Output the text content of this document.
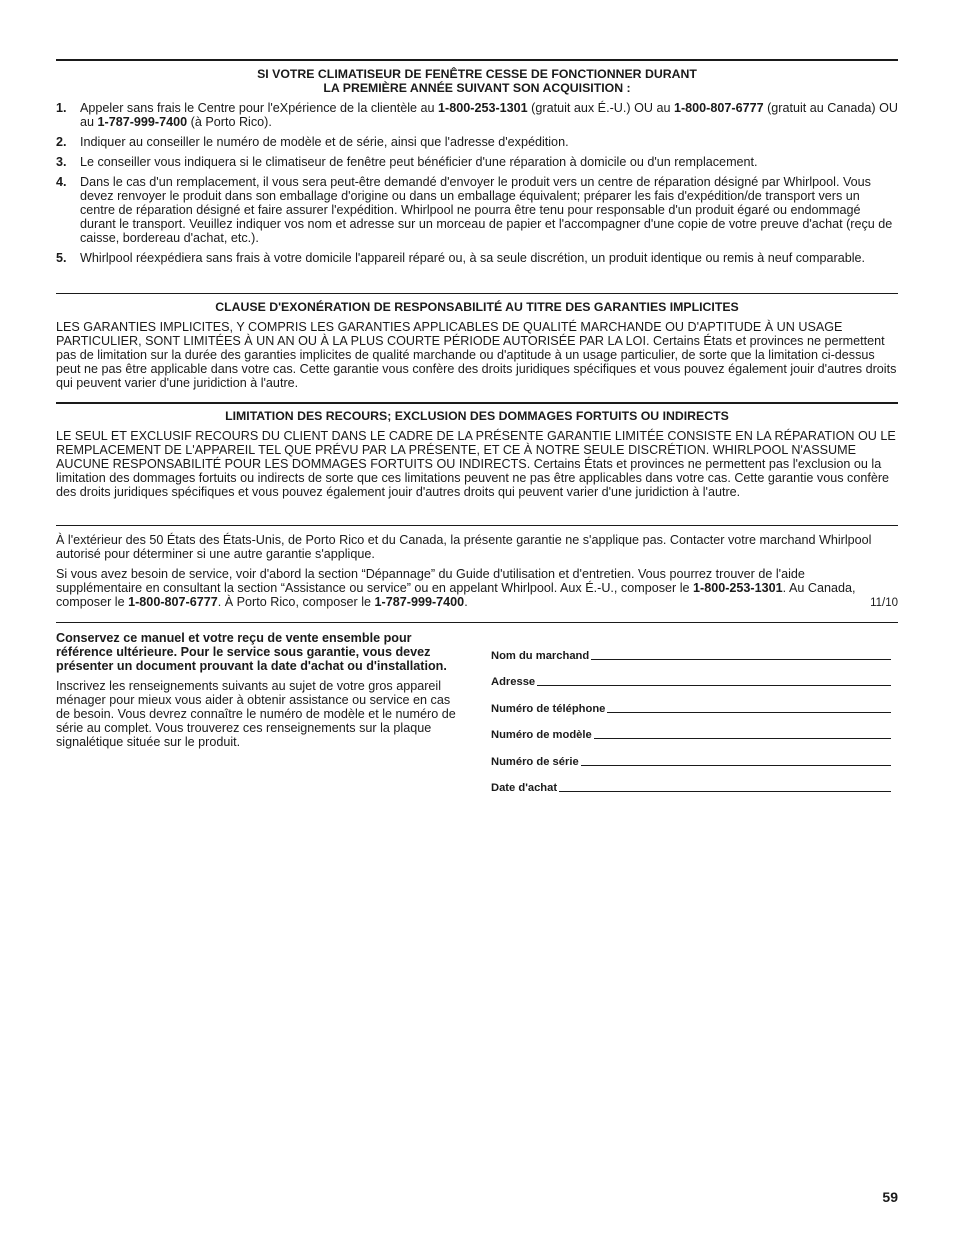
SI VOTRE CLIMATISEUR DE FENÊTRE CESSE DE FONCTIONNER DURANT
LA PREMIÈRE ANNÉE SUIVANT SON ACQUISITION :
1. Appeler sans frais le Centre pour l'eXpérience de la clientèle au 1-800-253-1301 (gratuit aux É.-U.) OU au 1-800-807-6777 (gratuit au Canada) OU au 1-787-999-7400 (à Porto Rico).
2. Indiquer au conseiller le numéro de modèle et de série, ainsi que l'adresse d'expédition.
3. Le conseiller vous indiquera si le climatiseur de fenêtre peut bénéficier d'une réparation à domicile ou d'un remplacement.
4. Dans le cas d'un remplacement, il vous sera peut-être demandé d'envoyer le produit vers un centre de réparation désigné par Whirlpool. Vous devez renvoyer le produit dans son emballage d'origine ou dans un emballage équivalent; préparer les fais d'expédition/de transport vers un centre de réparation désigné et faire assurer l'expédition. Whirlpool ne pourra être tenu pour responsable d'un produit égaré ou endommagé durant le transport. Veuillez indiquer vos nom et adresse sur un morceau de papier et l'accompagner d'une copie de votre preuve d'achat (reçu de caisse, bordereau d'achat, etc.).
5. Whirlpool réexpédiera sans frais à votre domicile l'appareil réparé ou, à sa seule discrétion, un produit identique ou remis à neuf comparable.
CLAUSE D'EXONÉRATION DE RESPONSABILITÉ AU TITRE DES GARANTIES IMPLICITES

LES GARANTIES IMPLICITES, Y COMPRIS LES GARANTIES APPLICABLES DE QUALITÉ MARCHANDE OU D'APTITUDE À UN USAGE PARTICULIER, SONT LIMITÉES À UN AN OU À LA PLUS COURTE PÉRIODE AUTORISÉE PAR LA LOI. Certains États et provinces ne permettent pas de limitation sur la durée des garanties implicites de qualité marchande ou d'aptitude à un usage particulier, de sorte que la limitation ci-dessus peut ne pas être applicable dans votre cas. Cette garantie vous confère des droits juridiques spécifiques et vous pouvez également jouir d'autres droits qui peuvent varier d'une juridiction à l'autre.

LIMITATION DES RECOURS; EXCLUSION DES DOMMAGES FORTUITS OU INDIRECTS

LE SEUL ET EXCLUSIF RECOURS DU CLIENT DANS LE CADRE DE LA PRÉSENTE GARANTIE LIMITÉE CONSISTE EN LA RÉPARATION OU LE REMPLACEMENT DE L'APPAREIL TEL QUE PRÉVU PAR LA PRÉSENTE, ET CE À NOTRE SEULE DISCRÉTION. WHIRLPOOL N'ASSUME AUCUNE RESPONSABILITÉ POUR LES DOMMAGES FORTUITS OU INDIRECTS. Certains États et provinces ne permettent pas l'exclusion ou la limitation des dommages fortuits ou indirects de sorte que ces limitations peuvent ne pas être applicables dans votre cas. Cette garantie vous confère des droits juridiques spécifiques et vous pouvez également jouir d'autres droits qui peuvent varier d'une juridiction à l'autre.

À l'extérieur des 50 États des États-Unis, de Porto Rico et du Canada, la présente garantie ne s'applique pas. Contacter votre marchand Whirlpool autorisé pour déterminer si une autre garantie s'applique.

Si vous avez besoin de service, voir d'abord la section “Dépannage” du Guide d'utilisation et d'entretien. Vous pourrez trouver de l'aide supplémentaire en consultant la section “Assistance ou service” ou en appelant Whirlpool. Aux É.-U., composer le 1-800-253-1301. Au Canada, composer le 1-800-807-6777. À Porto Rico, composer le 1-787-999-7400.	11/10

Conservez ce manuel et votre reçu de vente ensemble pour référence ultérieure. Pour le service sous garantie, vous devez présenter un document prouvant la date d'achat ou d'installation.

Inscrivez les renseignements suivants au sujet de votre gros appareil ménager pour mieux vous aider à obtenir assistance ou service en cas de besoin. Vous devrez connaître le numéro de modèle et le numéro de série au complet. Vous trouverez ces renseignements sur la plaque signalétique située sur le produit.

Nom du marchand
Adresse
Numéro de téléphone
Numéro de modèle
Numéro de série
Date d'achat
59
